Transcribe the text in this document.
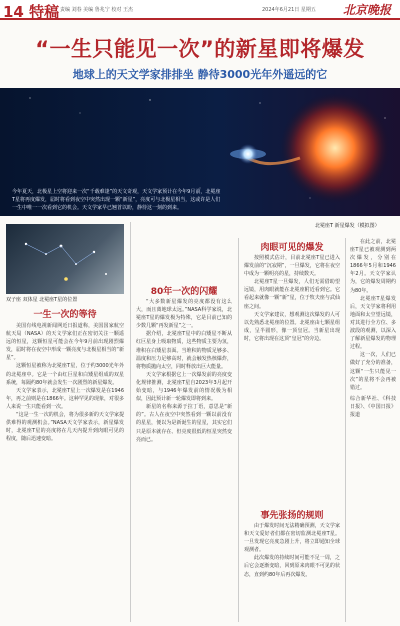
14 特稿 责编 刘春 美编 鲁兆宁 校对 王杰	2024年6月21日 星期五 北京晚报
“一生只能见一次”的新星即将爆发
地球上的天文学家排排坐 静待3000光年外遥远的它
今年夏天，北极星上空将迎来一次“千载难逢”的天文奇观，天文学家预计在今年9月前，北冕座T星将再度爆发，届时将看到夜空中突然出现一颗“新星”，亮度可与北极星相当，这或许是人们一生中唯一一次看到它的机会。天文学家早已翘首以盼，静待这一刻的到来。
北冕座T 新星爆发（模拟图）
双子座 双体星 北冕座T星的位置
一生一次的等待

美国有线电视新闻网近日报道称，美国国家航空航天局（NASA）的天文学家们正在密切关注一颗遥远的恒星，这颗恒星可能会在今年9月前出现剧烈爆发，届时将在夜空中形成一颗亮度与北极星相当的“新星”。

这颗恒星被称为北冕座T星，位于约3000光年外的北冕座中。它是一个由红巨星和白矮星组成的双星系统，每隔约80年就会发生一次剧烈的新星爆发。

天文学家表示，北冕座T星上一次爆发是在1946年，再之前则是在1866年。这种罕见的现象，对很多人来说一生只能看到一次。

“这是一生一次的机会，将为很多新的天文学家提供难得的观测机会。”NASA天文学家表示，新星爆发时，北冕座T星的亮度将在几天内提升到肉眼可见的程度，随后迅速变暗。

80年一次的闪耀

“大多数新星爆发的亮度都没有这么大，而且离地球太远。”NASA科学家说，北冕座T星的爆发极为特殊，它是目前已知的少数几颗“再发新星”之一。

据介绍，北冕座T星中的白矮星不断从红巨星身上吸取物质，这些物质主要为氢，堆积在白矮星表面。当堆积的物质足够多、温度和压力足够高时，就会触发热核爆炸，将物质抛向太空，同时释放出巨大能量。

天文学家根据它上一次爆发前的亮度变化规律推测，北冕座T星自2023年3月起开始变暗，与1946年爆发前的情况极为相似，因此预计新一轮爆发即将到来。

新星的名称来源于拉丁语，意思是“新的”。古人在夜空中突然看到一颗以前没有的星星，便以为是新诞生的星星，其实它们只是原本就存在、但亮度很低的恒星突然变亮而已。

肉眼可见的爆发

按照模式估计，目前北冕座T星已进入爆发前的“沉寂期”，一旦爆发，它将在夜空中成为一颗明亮的星，持续数天。

北冕座T星一旦爆发，人们无需借助望远镜，用肉眼就能在北冕座附近看到它。它看起来就像一颗“新”星，位于牧夫座与武仙座之间。

天文学家建议，想观测这次爆发的人可以先熟悉北冕座的位置。北冕座由七颗星组成，呈半圆形，像一顶皇冠。当新星出现时，它将出现在这顶“皇冠”的旁边。

事先张扬的规则

由于爆发时间无法精确预测，天文学家和天文爱好者们都在密切监测北冕座T星。一旦发现它亮度急剧上升，将立即通知全球观测者。

此次爆发的持续时间可能不足一周，之后它会逐渐变暗，回到原来肉眼不可见的状态，直到约80年后再次爆发。

在此之前，北冕座T星已被观测到两次爆发，分别在1866年5月和1946年2月。天文学家认为，它的爆发周期约为80年。

北冕座T星爆发后，天文学家将利用地面和太空望远镜，对其进行全方位、多波段的观测，以深入了解新星爆发的物理过程。

这一次，人们已做好了充分的准备，这颗“一生只能见一次”的星将不会再被错过。

综合新华社、《科技日报》、《中国日报》报道
